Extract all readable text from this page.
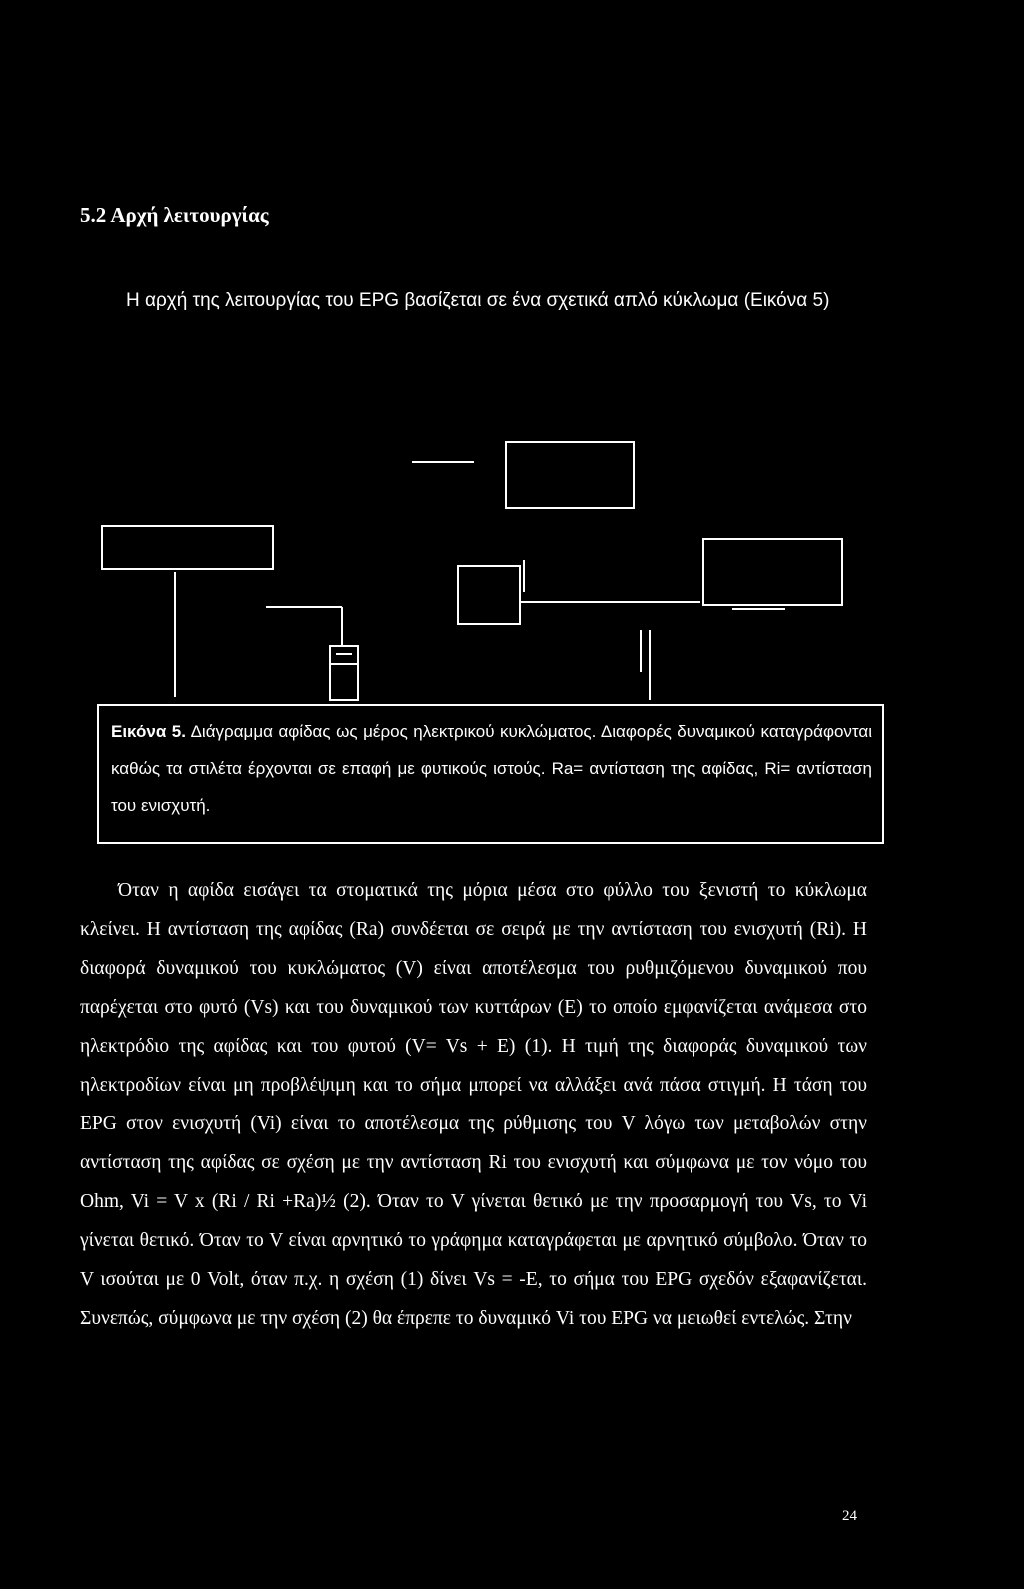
5.2 Αρχή λειτουργίας

Η αρχή της λειτουργίας του EPG βασίζεται σε ένα σχετικά απλό κύκλωμα (Εικόνα 5)

Εικόνα 5. Διάγραμμα αφίδας ως μέρος ηλεκτρικού κυκλώματος. Διαφορές δυναμικού καταγράφονται καθώς τα στιλέτα έρχονται σε επαφή με φυτικούς ιστούς. Ra= αντίσταση της αφίδας, Ri= αντίσταση του ενισχυτή.

Όταν η αφίδα εισάγει τα στοματικά της μόρια μέσα στο φύλλο του ξενιστή το κύκλωμα κλείνει. Η αντίσταση της αφίδας (Ra) συνδέεται σε σειρά με την αντίσταση του ενισχυτή (Ri). Η διαφορά δυναμικού του κυκλώματος (V) είναι αποτέλεσμα του ρυθμιζόμενου δυναμικού που παρέχεται στο φυτό (Vs) και του δυναμικού των κυττάρων (E) το οποίο εμφανίζεται ανάμεσα στο ηλεκτρόδιο της αφίδας και του φυτού (V= Vs + E) (1). Η τιμή της διαφοράς δυναμικού των ηλεκτροδίων είναι μη προβλέψιμη και το σήμα μπορεί να αλλάξει ανά πάσα στιγμή. Η τάση του EPG στον ενισχυτή (Vi) είναι το αποτέλεσμα της ρύθμισης του V λόγω των μεταβολών στην αντίσταση της αφίδας σε σχέση με την αντίσταση Ri του ενισχυτή και σύμφωνα με τον νόμο του Ohm, Vi = V x (Ri / Ri +Ra)½ (2). Όταν το V γίνεται θετικό με την προσαρμογή του Vs, το Vi γίνεται θετικό. Όταν το V είναι αρνητικό το γράφημα καταγράφεται με αρνητικό σύμβολο. Όταν το V ισούται με 0 Volt, όταν π.χ. η σχέση (1) δίνει Vs = -E, το σήμα του EPG σχεδόν εξαφανίζεται. Συνεπώς, σύμφωνα με την σχέση (2) θα έπρεπε το δυναμικό Vi του EPG να μειωθεί εντελώς. Στην

24
